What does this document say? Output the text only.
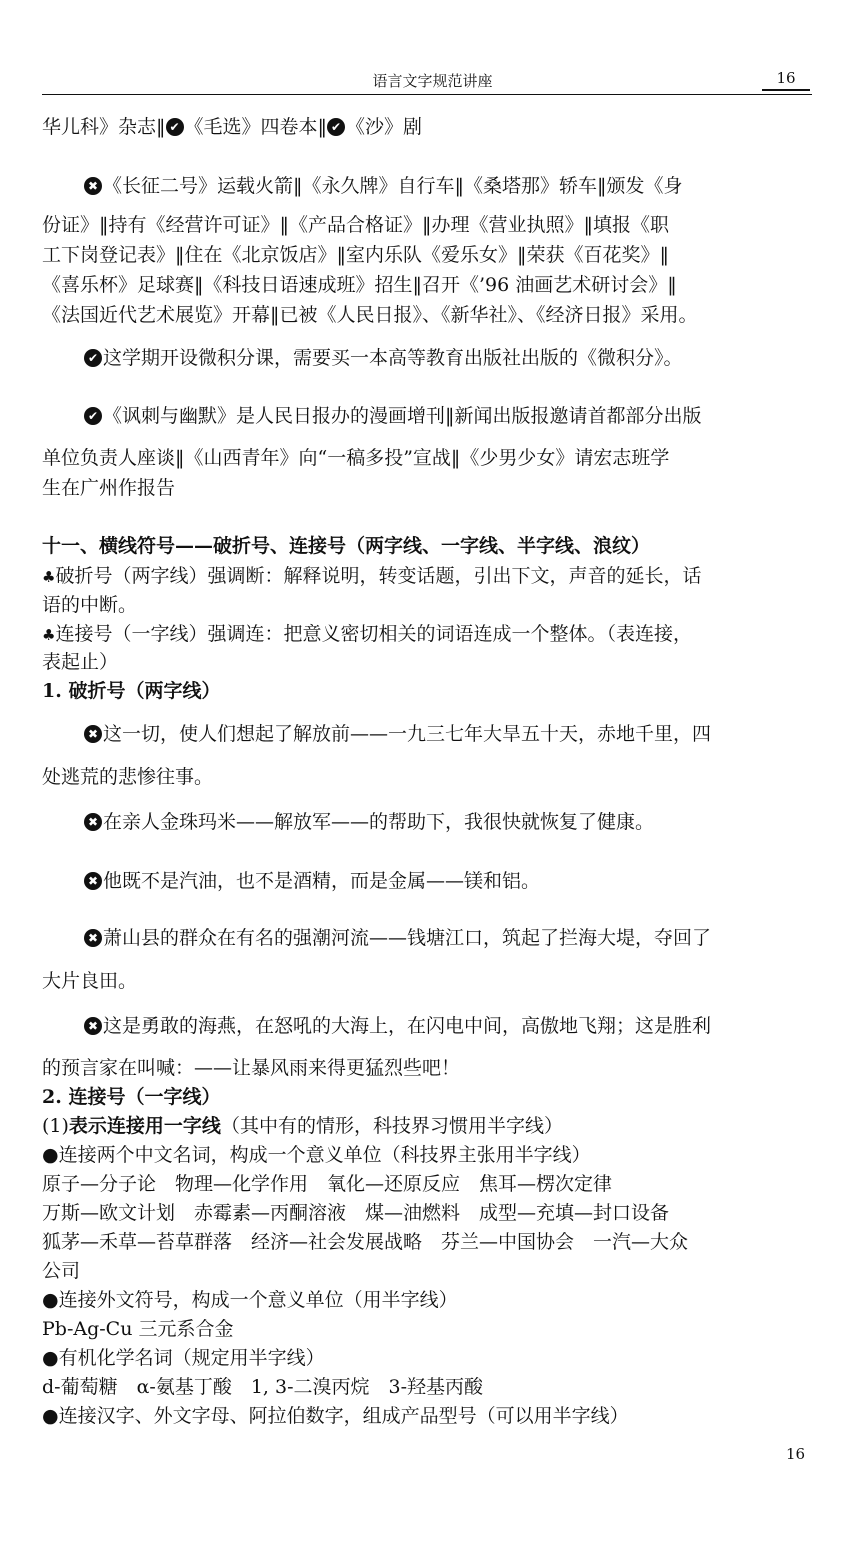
语言文字规范讲座	16

华儿科》杂志‖ ✔ 《毛选》四卷本‖ ✔ 《沙》剧

✖ 《长征二号》运载火箭‖《永久牌》自行车‖《桑塔那》轿车‖颁发《身

份证》‖持有《经营许可证》‖《产品合格证》‖办理《营业执照》‖填报《职

工下岗登记表》‖住在《北京饭店》‖室内乐队《爱乐女》‖荣获《百花奖》‖

《喜乐杯》足球赛‖《科技日语速成班》招生‖召开《’96 油画艺术研讨会》‖

《法国近代艺术展览》开幕‖已被《人民日报》、《新华社》、《经济日报》采用。

✔ 这学期开设微积分课，需要买一本高等教育出版社出版的《微积分》。

✔ 《讽刺与幽默》是人民日报办的漫画增刊‖新闻出版报邀请首都部分出版

单位负责人座谈‖《山西青年》向“一稿多投”宣战‖《少男少女》请宏志班学

生在广州作报告

十一、横线符号——破折号、连接号（两字线、一字线、半字线、浪纹）

♣破折号（两字线）强调断：解释说明，转变话题，引出下文，声音的延长，话

语的中断。

♣连接号（一字线）强调连：把意义密切相关的词语连成一个整体。（表连接，

表起止）

1. 破折号（两字线）

✖ 这一切，使人们想起了解放前——一九三七年大旱五十天，赤地千里，四

处逃荒的悲惨往事。

✖ 在亲人金珠玛米——解放军——的帮助下，我很快就恢复了健康。

✖ 他既不是汽油，也不是酒精，而是金属——镁和铝。

✖ 萧山县的群众在有名的强潮河流——钱塘江口，筑起了拦海大堤，夺回了

大片良田。

✖ 这是勇敢的海燕，在怒吼的大海上，在闪电中间，高傲地飞翔；这是胜利

的预言家在叫喊：——让暴风雨来得更猛烈些吧！

2. 连接号（一字线）

(1)表示连接用一字线（其中有的情形，科技界习惯用半字线）

●连接两个中文名词，构成一个意义单位（科技界主张用半字线）

原子—分子论　物理—化学作用　氧化—还原反应　焦耳—楞次定律

万斯—欧文计划　赤霉素—丙酮溶液　煤—油燃料　成型—充填—封口设备

狐茅—禾草—苔草群落　经济—社会发展战略　芬兰—中国协会　一汽—大众

公司

●连接外文符号，构成一个意义单位（用半字线）

Pb-Ag-Cu 三元系合金

●有机化学名词（规定用半字线）

d-葡萄糖　α-氨基丁酸　1, 3-二溴丙烷　3-羟基丙酸

●连接汉字、外文字母、阿拉伯数字，组成产品型号（可以用半字线）

16
